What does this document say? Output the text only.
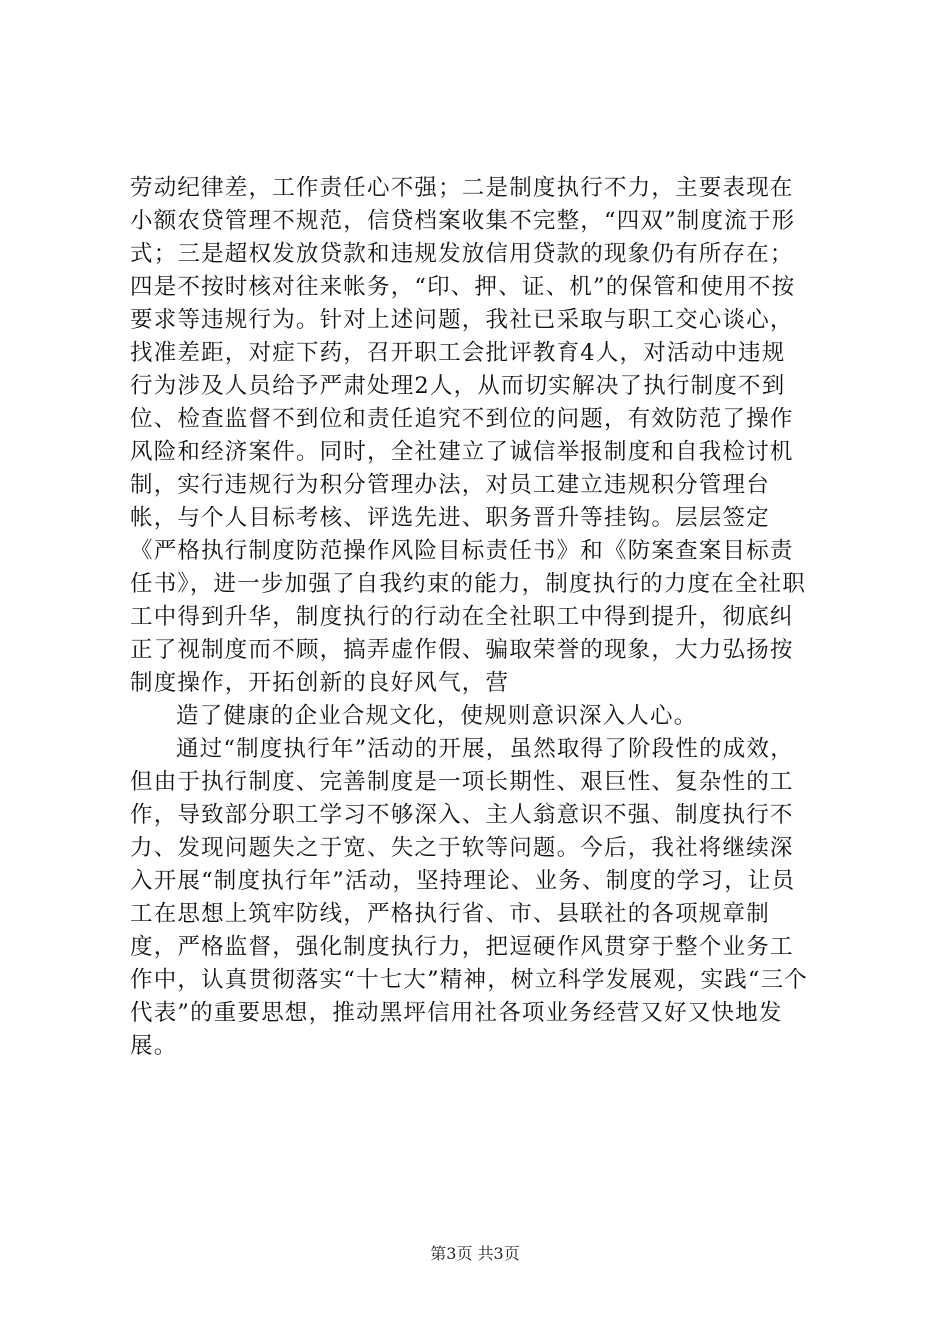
劳动纪律差，工作责任心不强；二是制度执行不力，主要表现在小额农贷管理不规范，信贷档案收集不完整，“四双”制度流于形式；三是超权发放贷款和违规发放信用贷款的现象仍有所存在；四是不按时核对往来帐务，“印、押、证、机”的保管和使用不按要求等违规行为。针对上述问题，我社已采取与职工交心谈心，找准差距，对症下药，召开职工会批评教育4人，对活动中违规行为涉及人员给予严肃处理2人，从而切实解决了执行制度不到位、检查监督不到位和责任追究不到位的问题，有效防范了操作风险和经济案件。同时，全社建立了诚信举报制度和自我检讨机制，实行违规行为积分管理办法，对员工建立违规积分管理台帐，与个人目标考核、评选先进、职务晋升等挂钩。层层签定《严格执行制度防范操作风险目标责任书》和《防案查案目标责任书》，进一步加强了自我约束的能力，制度执行的力度在全社职工中得到升华，制度执行的行动在全社职工中得到提升，彻底纠正了视制度而不顾，搞弄虚作假、骗取荣誉的现象，大力弘扬按制度操作，开拓创新的良好风气，营

造了健康的企业合规文化，使规则意识深入人心。

通过“制度执行年”活动的开展，虽然取得了阶段性的成效，但由于执行制度、完善制度是一项长期性、艰巨性、复杂性的工作，导致部分职工学习不够深入、主人翁意识不强、制度执行不力、发现问题失之于宽、失之于软等问题。今后，我社将继续深入开展“制度执行年”活动，坚持理论、业务、制度的学习，让员工在思想上筑牢防线，严格执行省、市、县联社的各项规章制度，严格监督，强化制度执行力，把逗硬作风贯穿于整个业务工作中，认真贯彻落实“十七大”精神，树立科学发展观，实践“三个代表”的重要思想，推动黑坪信用社各项业务经营又好又快地发展。

第3页 共3页
